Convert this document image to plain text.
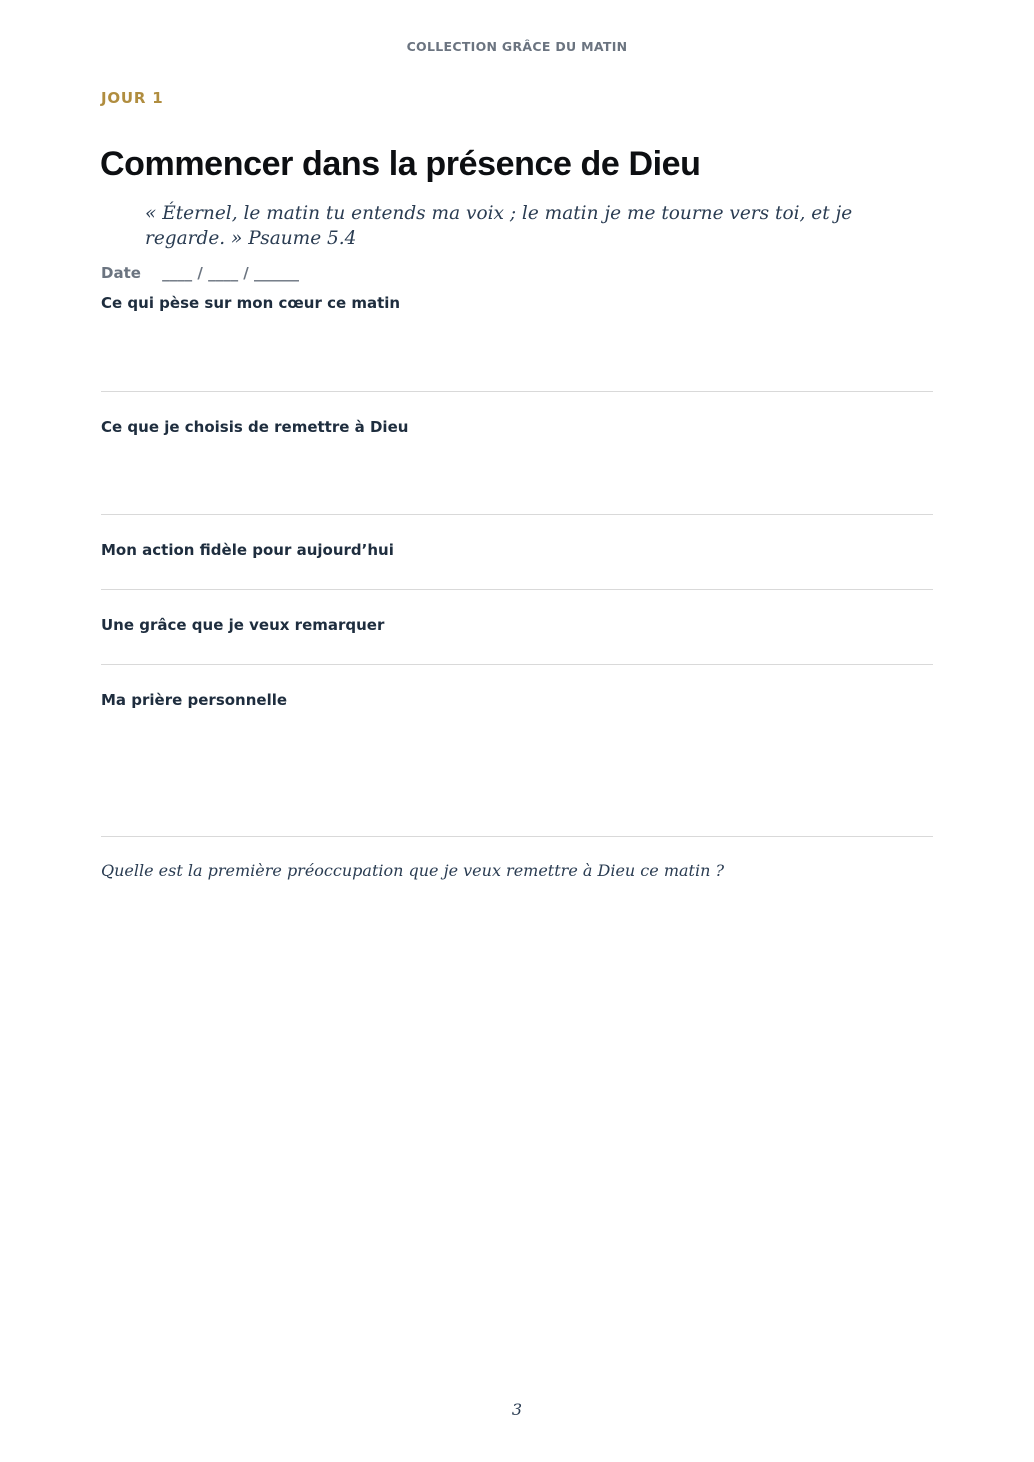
COLLECTION GRÂCE DU MATIN
JOUR 1
Commencer dans la présence de Dieu
« Éternel, le matin tu entends ma voix ; le matin je me tourne vers toi, et je regarde. » Psaume 5.4
Date ____ / ____ / ______
Ce qui pèse sur mon cœur ce matin
Ce que je choisis de remettre à Dieu
Mon action fidèle pour aujourd’hui
Une grâce que je veux remarquer
Ma prière personnelle
Quelle est la première préoccupation que je veux remettre à Dieu ce matin ?
3
